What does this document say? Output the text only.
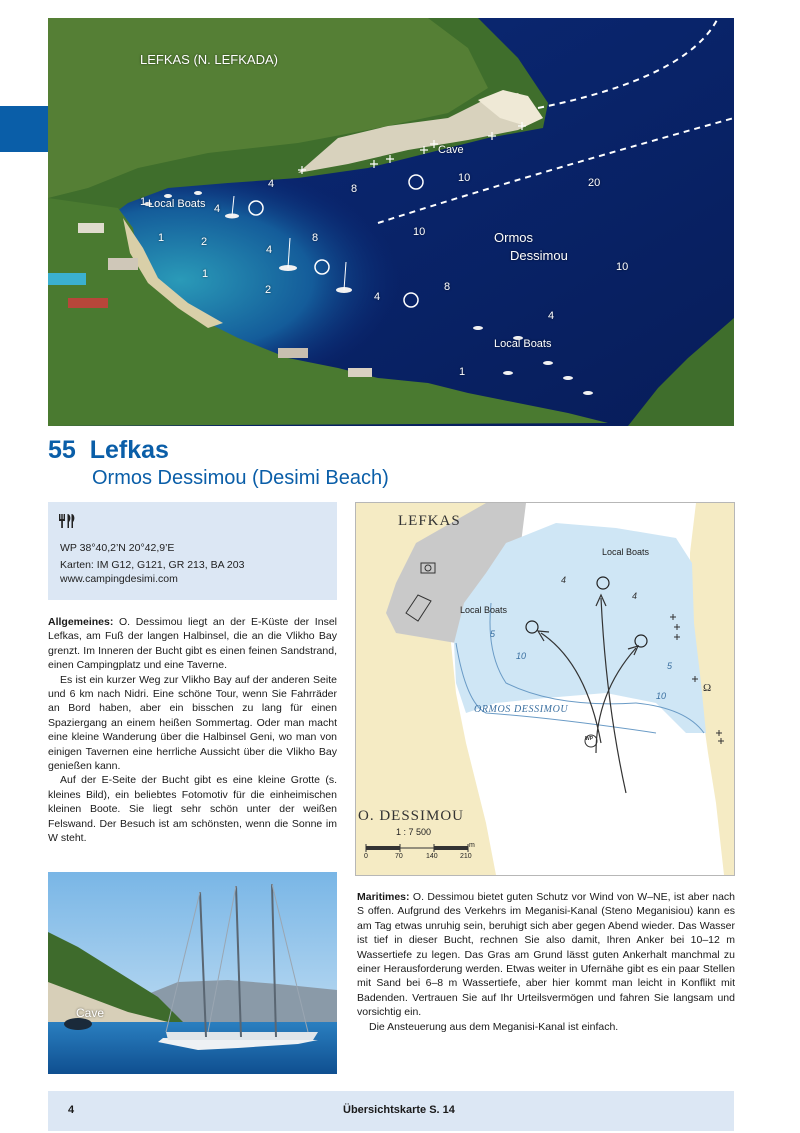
LEFKAS (N. LEFKADA)
Cave
Local Boats
Local Boats
Ormos
Dessimou
4	8
10	20
1
4
1	2
4
8	10
10
1
2
4
8
4
1
55 Lefkas
Ormos Dessimou (Desimi Beach)
WP 38°40,2’N 20°42,9’E
Karten: IM G12, G121, GR 213, BA 203
www.campingdesimi.com

Allgemeines: O. Dessimou liegt an der E-Küste der Insel Lefkas, am Fuß der langen Halbinsel, die an die Vlikho Bay grenzt. Im Inneren der Bucht gibt es einen feinen Sandstrand, einen Campingplatz und eine Taverne.

Es ist ein kurzer Weg zur Vlikho Bay auf der anderen Seite und 6 km nach Nidri. Eine schöne Tour, wenn Sie Fahrräder an Bord haben, aber ein bisschen zu lang für einen Spaziergang an einem heißen Sommertag. Oder man macht eine kleine Wanderung über die Halbinsel Geni, wo man von einigen Tavernen eine herrliche Aussicht über die Vlikho Bay genießen kann.

Auf der E-Seite der Bucht gibt es eine kleine Grotte (s. kleines Bild), ein beliebtes Fotomotiv für die einheimischen kleinen Boote. Sie liegt sehr schön unter der weißen Felswand. Der Besuch ist am schönsten, wenn die Sonne im W steht.

Ω
LEFKAS
Local Boats
Local Boats
ORMOS DESSIMOU
O. DESSIMOU
1 : 7 500
0	70	140	210
m
4
4
5
10
5
10
WP
Cave

Maritimes: O. Dessimou bietet guten Schutz vor Wind von W–NE, ist aber nach S offen. Aufgrund des Verkehrs im Meganisi-Kanal (Steno Meganisiou) kann es am Tag etwas unruhig sein, beruhigt sich aber gegen Abend wieder. Das Wasser ist tief in dieser Bucht, rechnen Sie also damit, Ihren Anker bei 10–12 m Wassertiefe zu legen. Das Gras am Grund lässt guten Ankerhalt manchmal zu einer Herausforderung werden. Etwas weiter in Ufernähe gibt es ein paar Stellen mit Sand bei 6–8 m Wassertiefe, aber hier kommt man leicht in Konflikt mit Badenden. Vertrauen Sie auf Ihr Urteilsvermögen und fahren Sie langsam und vorsichtig ein.

Die Ansteuerung aus dem Meganisi-Kanal ist einfach.

4	Übersichtskarte S. 14
